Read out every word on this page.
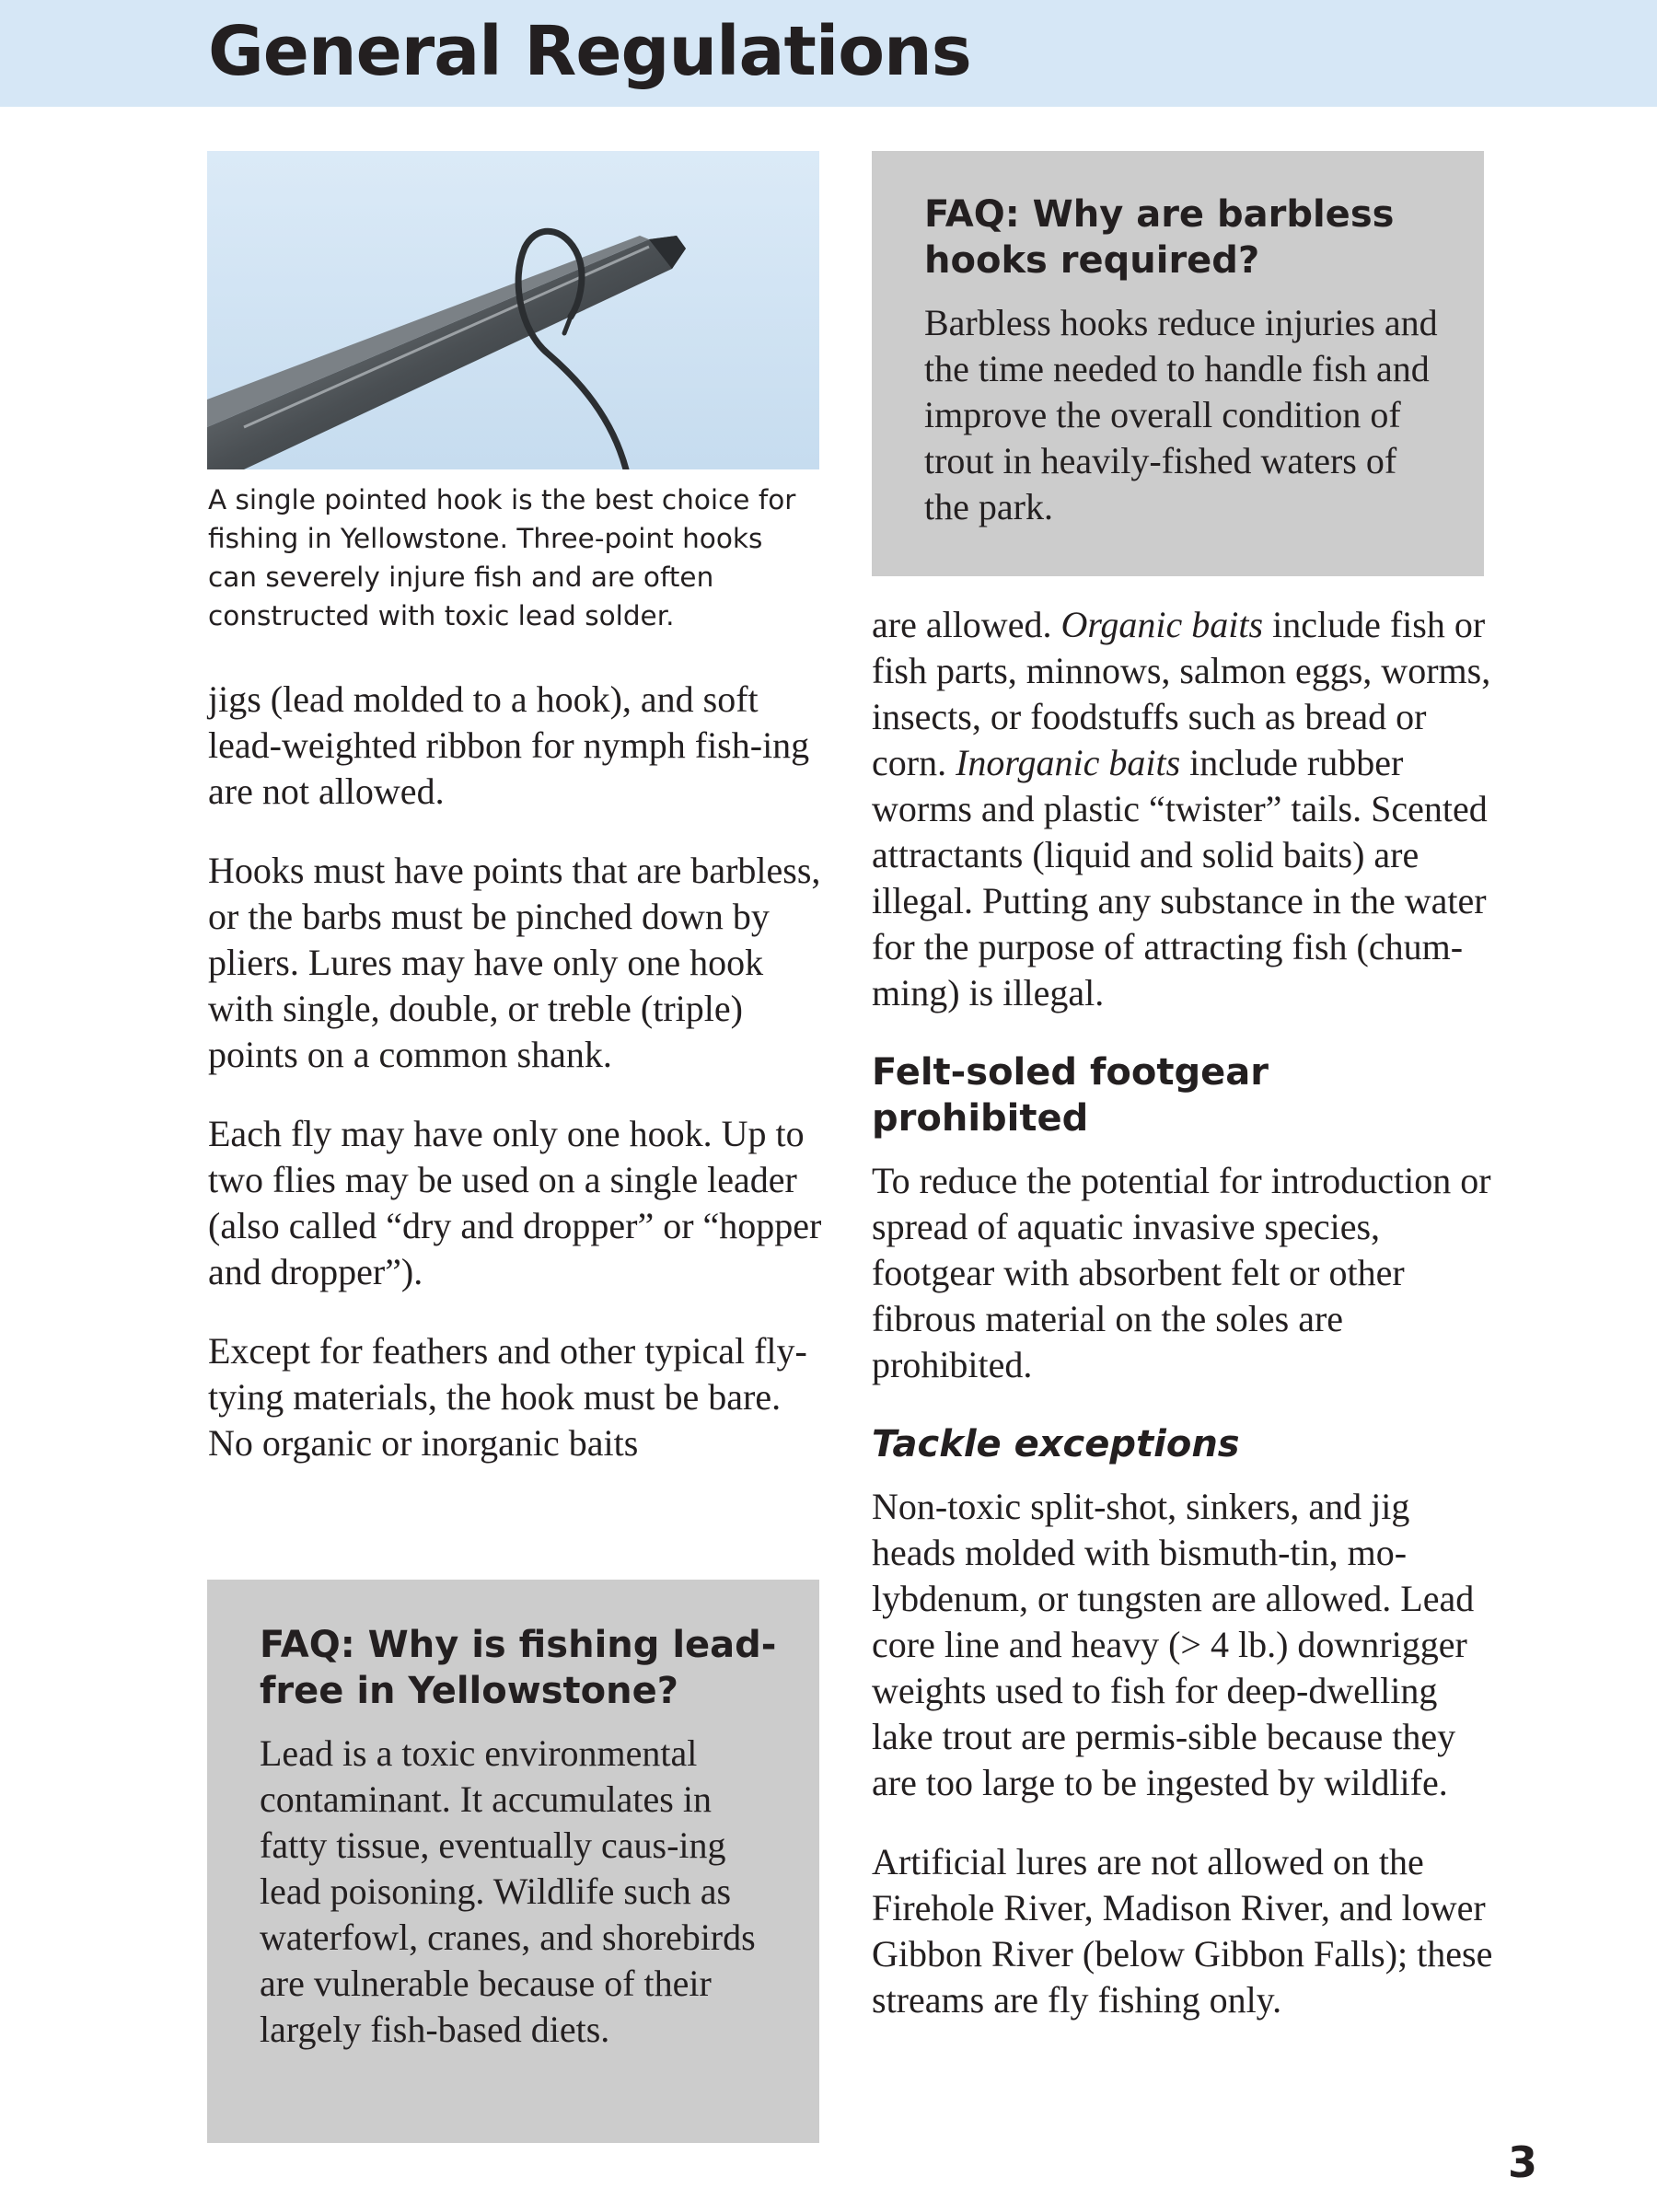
General Regulations

A single pointed hook is the best choice for fishing in Yellowstone. Three-point hooks can severely injure fish and are often constructed with toxic lead solder.

jigs (lead molded to a hook), and soft lead-weighted ribbon for nymph fish-ing are not allowed.

Hooks must have points that are barbless, or the barbs must be pinched down by pliers. Lures may have only one hook with single, double, or treble (triple) points on a common shank.

Each fly may have only one hook. Up to two flies may be used on a single leader (also called “dry and dropper” or “hopper and dropper”).

Except for feathers and other typical fly-tying materials, the hook must be bare. No organic or inorganic baits

FAQ: Why are barbless hooks required?

Barbless hooks reduce injuries and the time needed to handle fish and improve the overall condition of trout in heavily-fished waters of the park.

FAQ: Why is fishing lead-free in Yellowstone?

Lead is a toxic environmental contaminant. It accumulates in fatty tissue, eventually caus-ing lead poisoning. Wildlife such as waterfowl, cranes, and shorebirds are vulnerable because of their largely fish-based diets.

are allowed. Organic baits include fish or fish parts, minnows, salmon eggs, worms, insects, or foodstuffs such as bread or corn. Inorganic baits include rubber worms and plastic “twister” tails. Scented attractants (liquid and solid baits) are illegal. Putting any substance in the water for the purpose of attracting fish (chum-ming) is illegal.

Felt-soled footgear prohibited

To reduce the potential for introduction or spread of aquatic invasive species, footgear with absorbent felt or other fibrous material on the soles are prohibited.

Tackle exceptions

Non-toxic split-shot, sinkers, and jig heads molded with bismuth-tin, mo-lybdenum, or tungsten are allowed. Lead core line and heavy (> 4 lb.) downrigger weights used to fish for deep-dwelling lake trout are permis-sible because they are too large to be ingested by wildlife.

Artificial lures are not allowed on the Firehole River, Madison River, and lower Gibbon River (below Gibbon Falls); these streams are fly fishing only.

3
